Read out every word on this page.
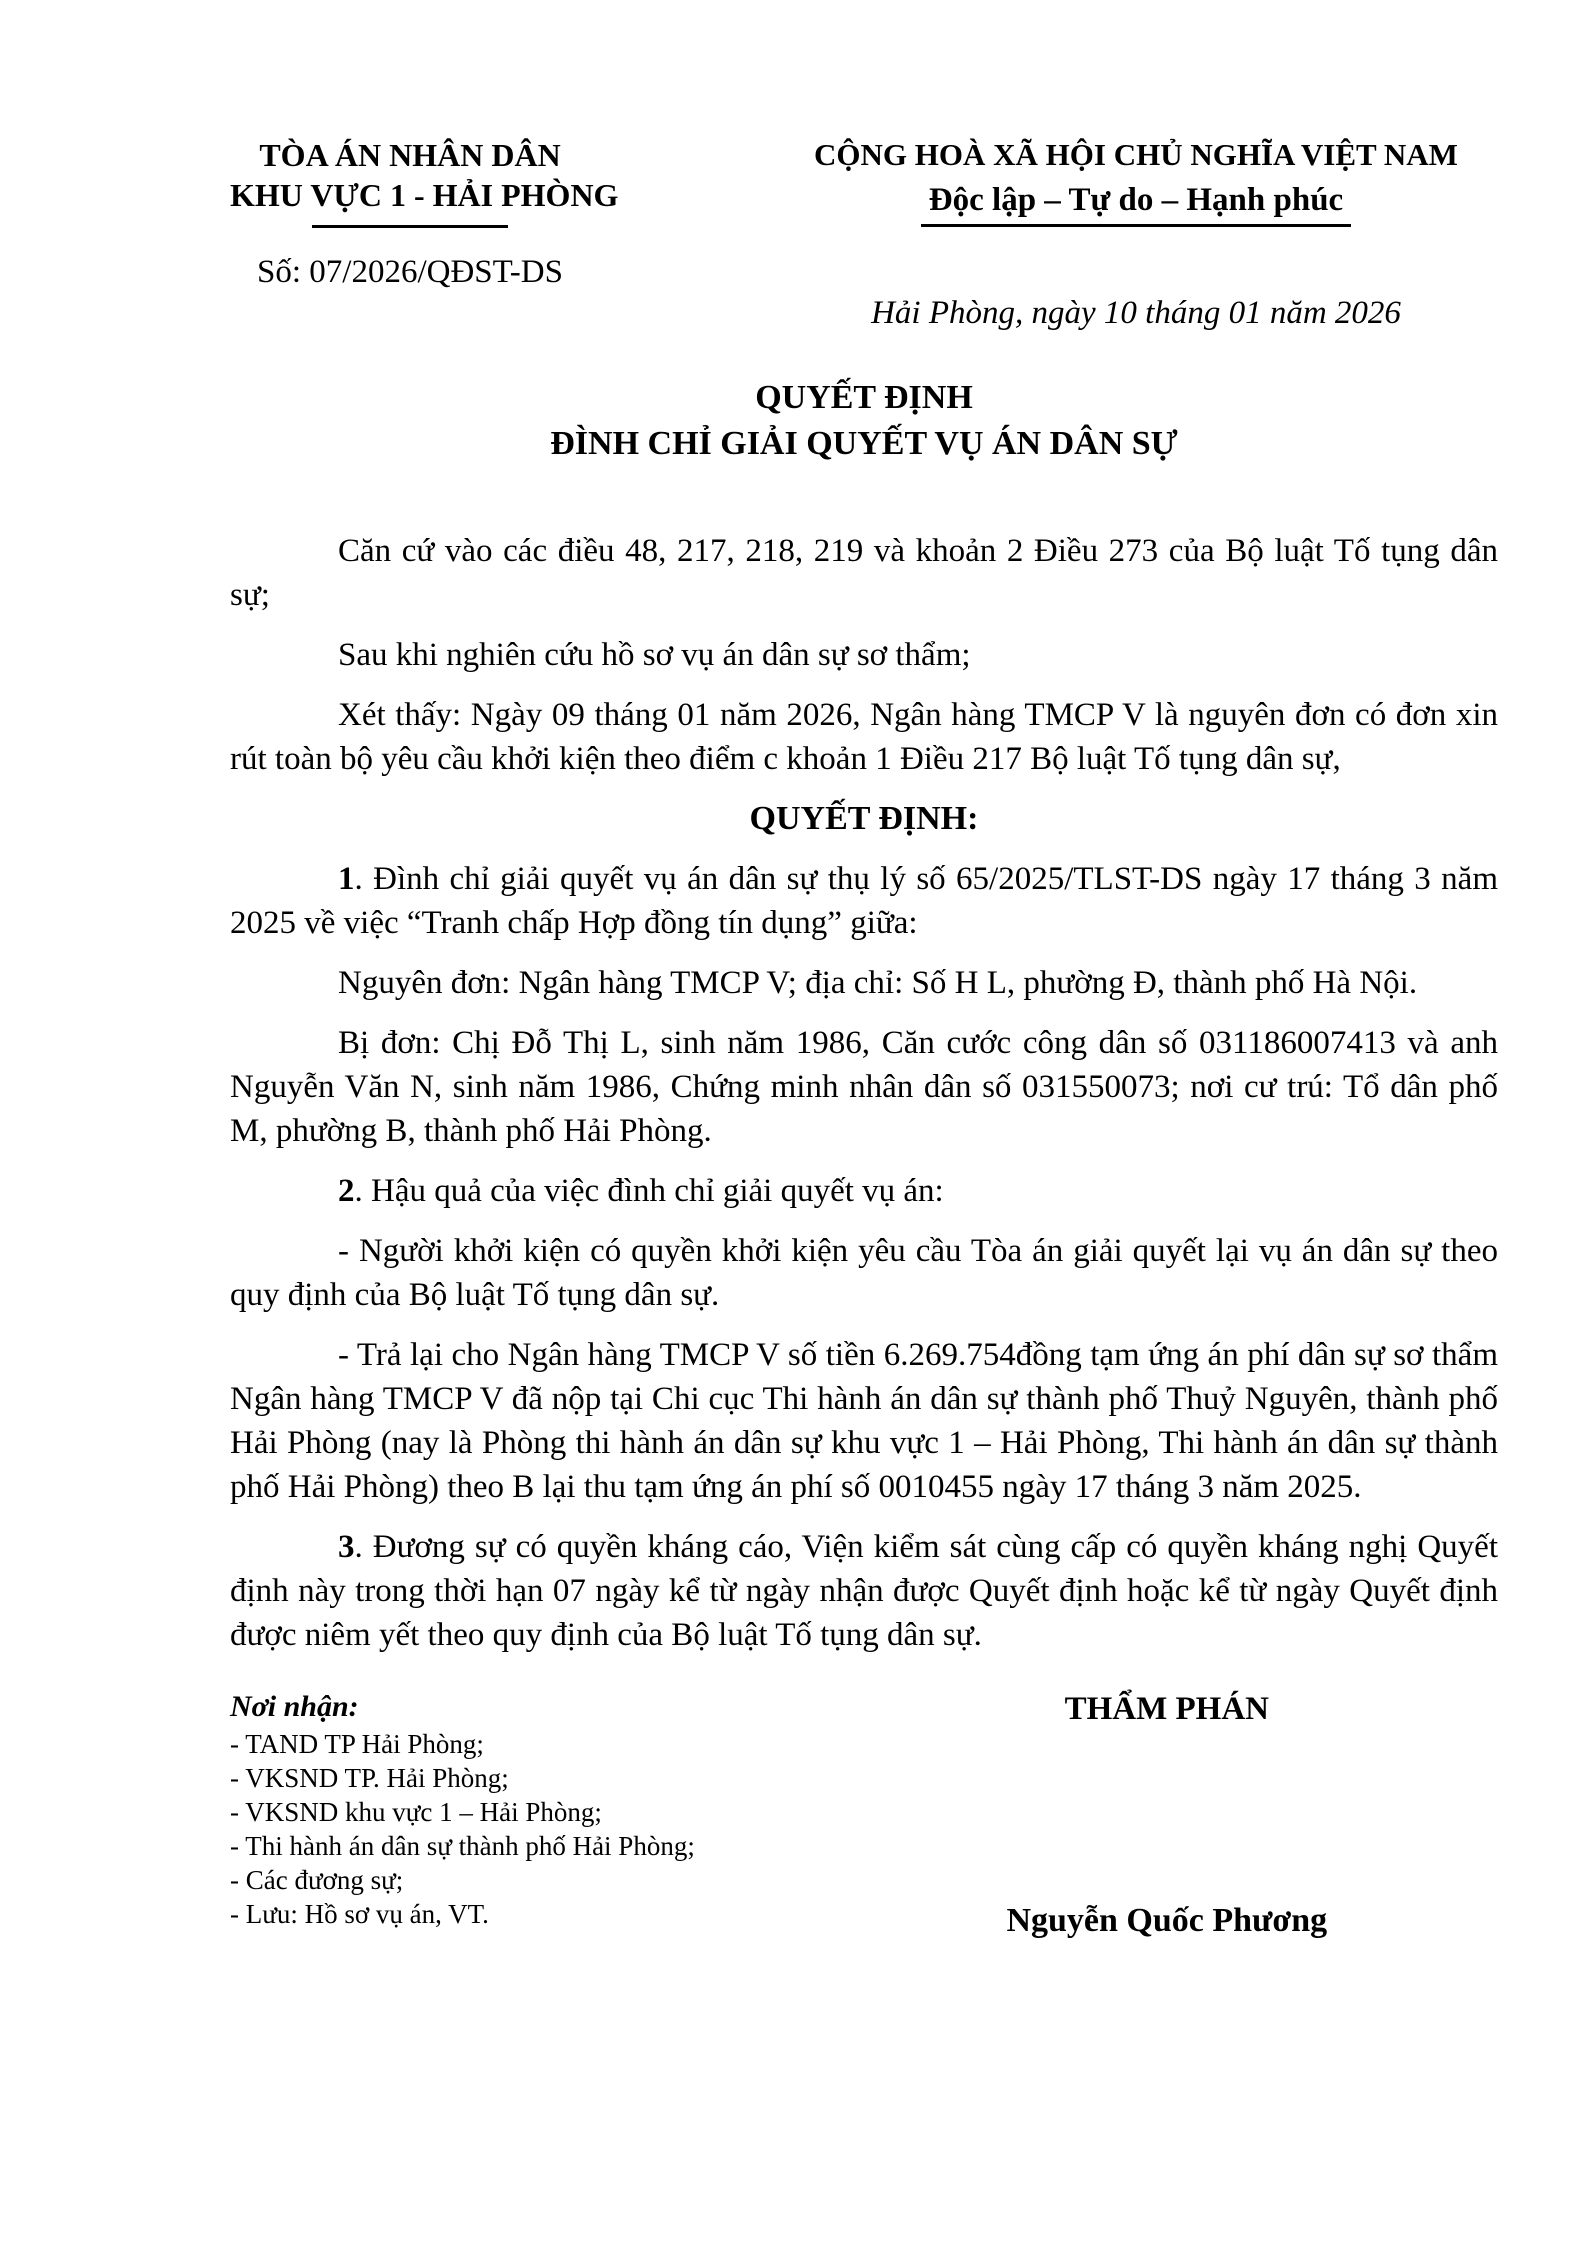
TÒA ÁN NHÂN DÂN
KHU VỰC 1 - HẢI PHÒNG
Số: 07/2026/QĐST-DS
CỘNG HOÀ XÃ HỘI CHỦ NGHĨA VIỆT NAM
Độc lập – Tự do – Hạnh phúc
Hải Phòng, ngày 10 tháng 01 năm 2026
QUYẾT ĐỊNH
ĐÌNH CHỈ GIẢI QUYẾT VỤ ÁN DÂN SỰ

Căn cứ vào các điều 48, 217, 218, 219 và khoản 2 Điều 273 của Bộ luật Tố tụng dân sự;

Sau khi nghiên cứu hồ sơ vụ án dân sự sơ thẩm;

Xét thấy: Ngày 09 tháng 01 năm 2026, Ngân hàng TMCP V là nguyên đơn có đơn xin rút toàn bộ yêu cầu khởi kiện theo điểm c khoản 1 Điều 217 Bộ luật Tố tụng dân sự,

QUYẾT ĐỊNH:

1. Đình chỉ giải quyết vụ án dân sự thụ lý số 65/2025/TLST-DS ngày 17 tháng 3 năm 2025 về việc “Tranh chấp Hợp đồng tín dụng” giữa:

Nguyên đơn: Ngân hàng TMCP V; địa chỉ: Số H L, phường Đ, thành phố Hà Nội.

Bị đơn: Chị Đỗ Thị L, sinh năm 1986, Căn cước công dân số 031186007413 và anh Nguyễn Văn N, sinh năm 1986, Chứng minh nhân dân số 031550073; nơi cư trú: Tổ dân phố M, phường B, thành phố Hải Phòng.

2. Hậu quả của việc đình chỉ giải quyết vụ án:

- Người khởi kiện có quyền khởi kiện yêu cầu Tòa án giải quyết lại vụ án dân sự theo quy định của Bộ luật Tố tụng dân sự.

- Trả lại cho Ngân hàng TMCP V số tiền 6.269.754đồng tạm ứng án phí dân sự sơ thẩm Ngân hàng TMCP V đã nộp tại Chi cục Thi hành án dân sự thành phố Thuỷ Nguyên, thành phố Hải Phòng (nay là Phòng thi hành án dân sự khu vực 1 – Hải Phòng, Thi hành án dân sự thành phố Hải Phòng) theo B lại thu tạm ứng án phí số 0010455 ngày 17 tháng 3 năm 2025.

3. Đương sự có quyền kháng cáo, Viện kiểm sát cùng cấp có quyền kháng nghị Quyết định này trong thời hạn 07 ngày kể từ ngày nhận được Quyết định hoặc kể từ ngày Quyết định được niêm yết theo quy định của Bộ luật Tố tụng dân sự.

Nơi nhận:
- TAND TP Hải Phòng;
- VKSND TP. Hải Phòng;
- VKSND khu vực 1 – Hải Phòng;
- Thi hành án dân sự thành phố Hải Phòng;
- Các đương sự;
- Lưu: Hồ sơ vụ án, VT.
THẨM PHÁN
Nguyễn Quốc Phương
